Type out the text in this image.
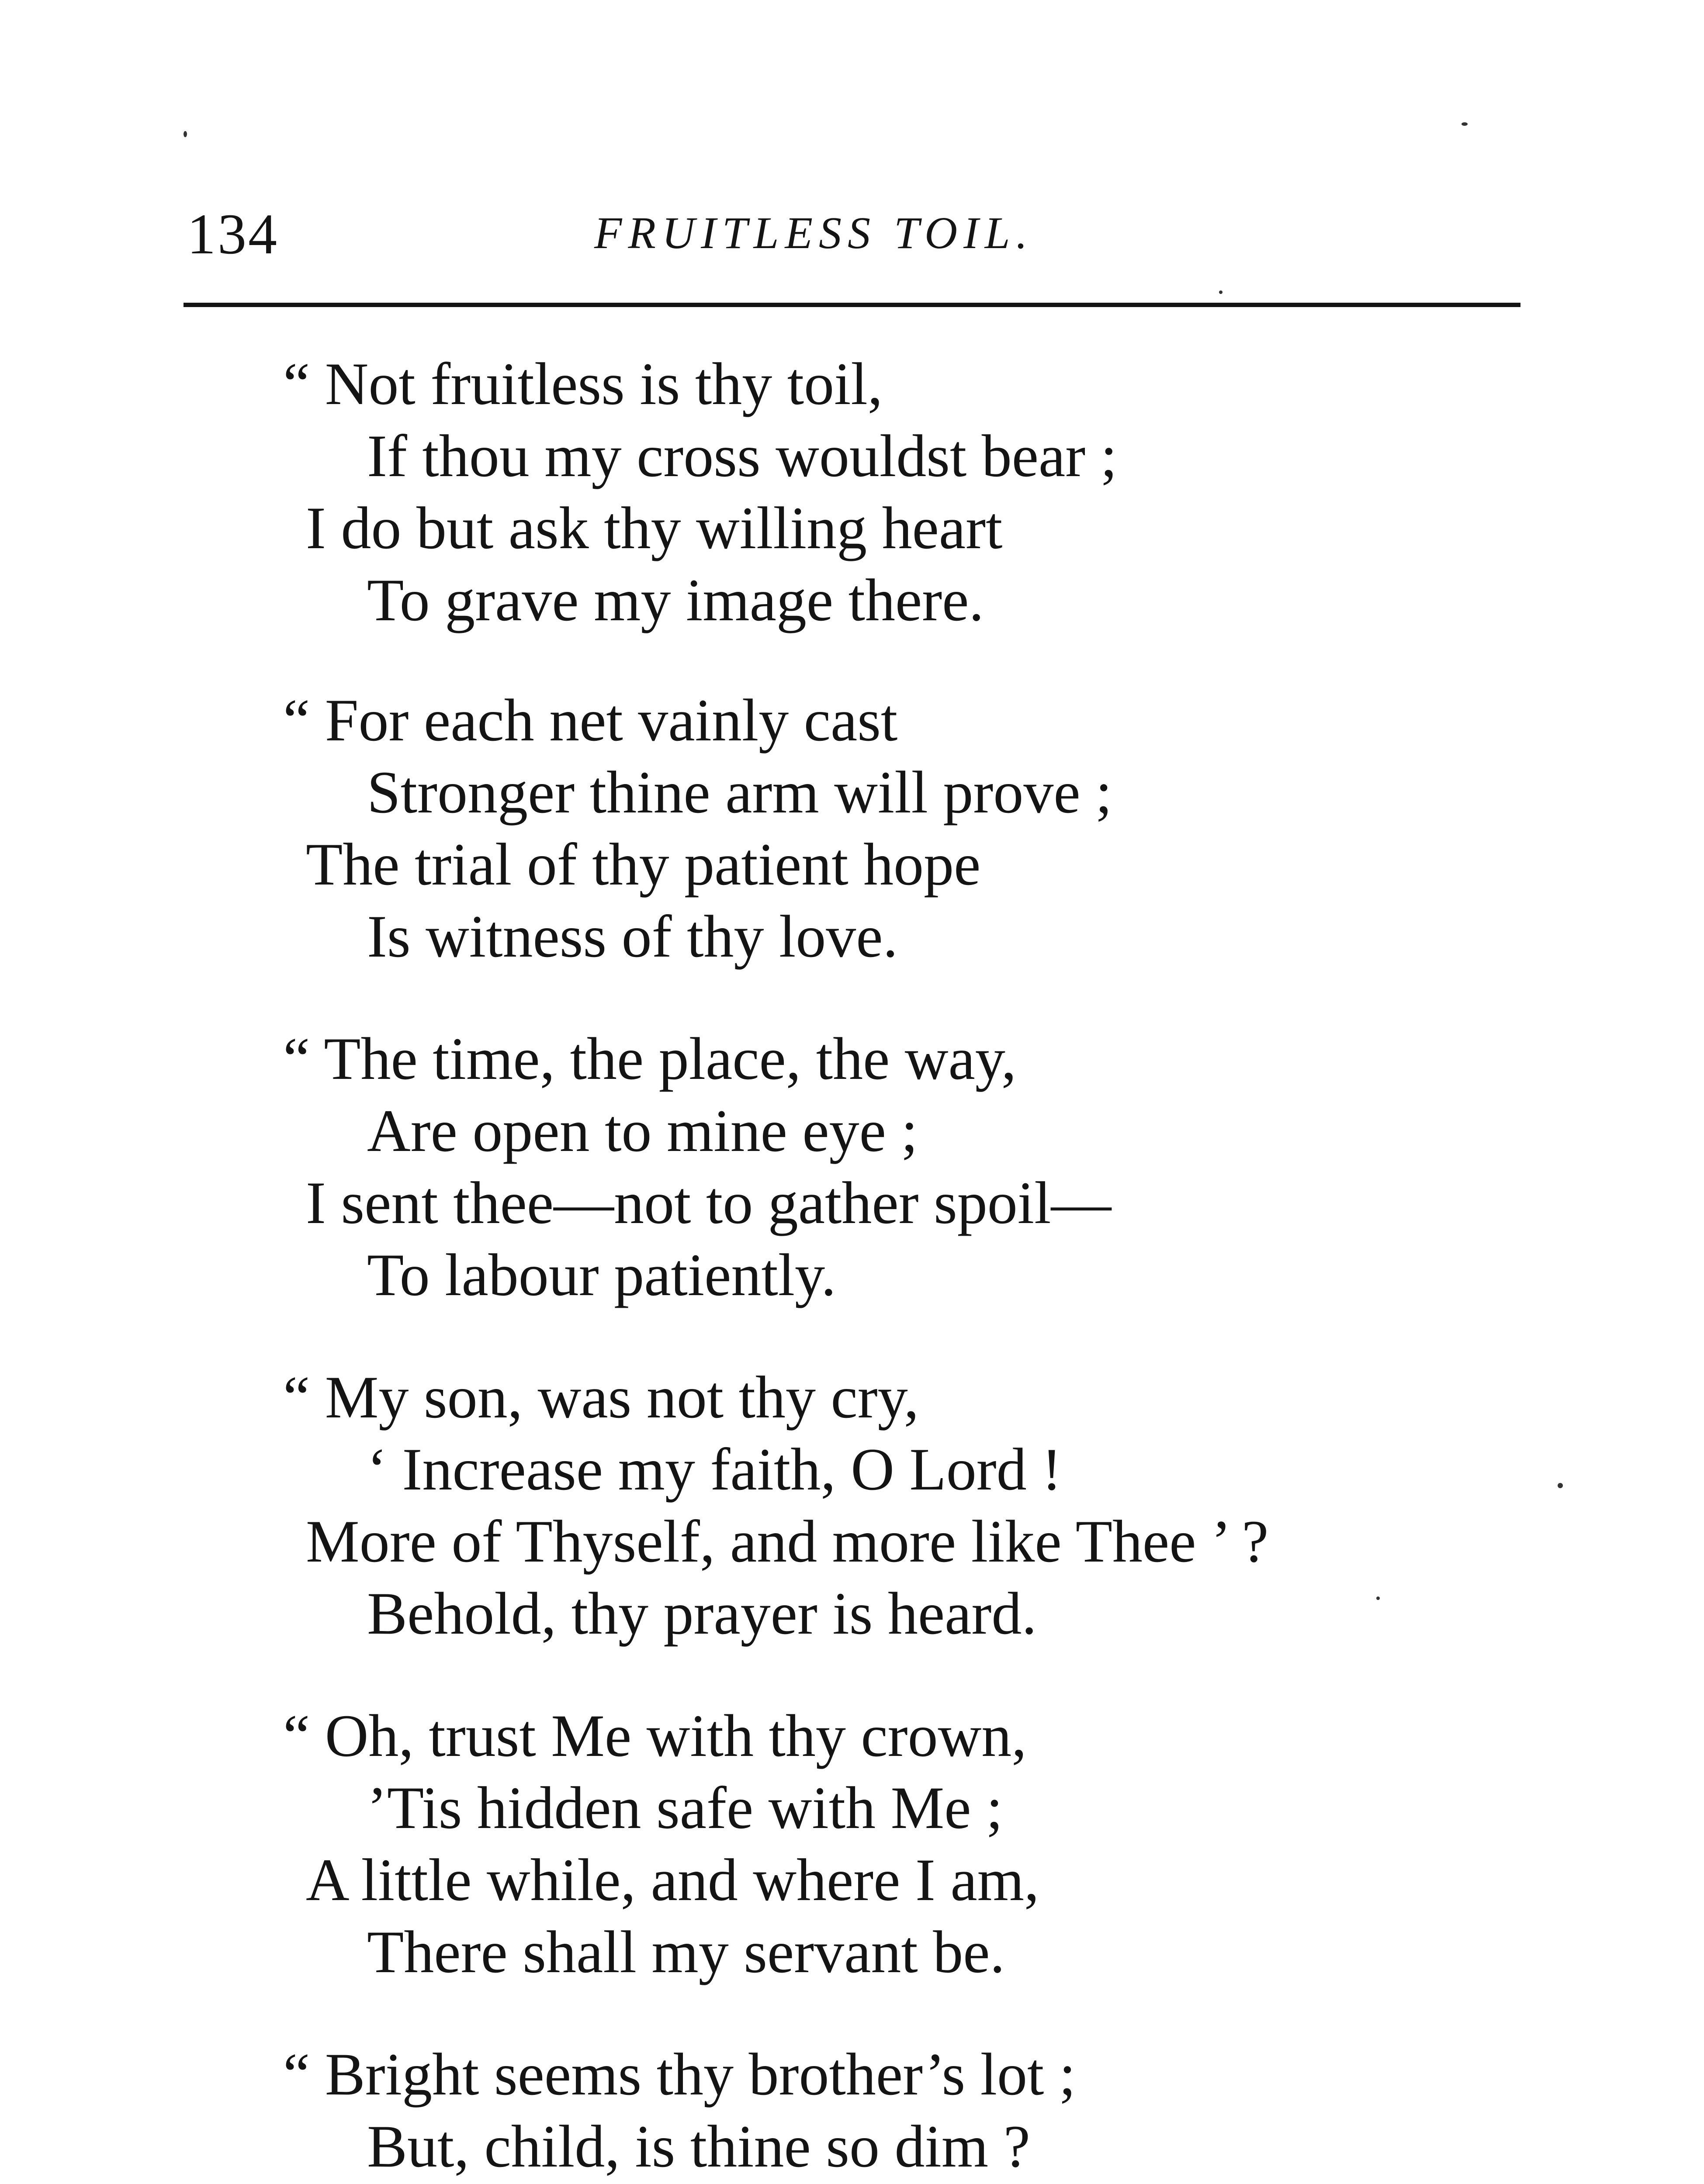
134	FRUITLESS TOIL.
“ Not fruitless is thy toil,
If thou my cross wouldst bear ;
I do but ask thy willing heart
To grave my image there.
“ For each net vainly cast
Stronger thine arm will prove ;
The trial of thy patient hope
Is witness of thy love.
“ The time, the place, the way,
Are open to mine eye ;
I sent thee—not to gather spoil—
To labour patiently.
“ My son, was not thy cry,
‘ Increase my faith, O Lord !
More of Thyself, and more like Thee ’ ?
Behold, thy prayer is heard.
“ Oh, trust Me with thy crown,
’Tis hidden safe with Me ;
A little while, and where I am,
There shall my servant be.
“ Bright seems thy brother’s lot ;
But, child, is thine so dim ?
